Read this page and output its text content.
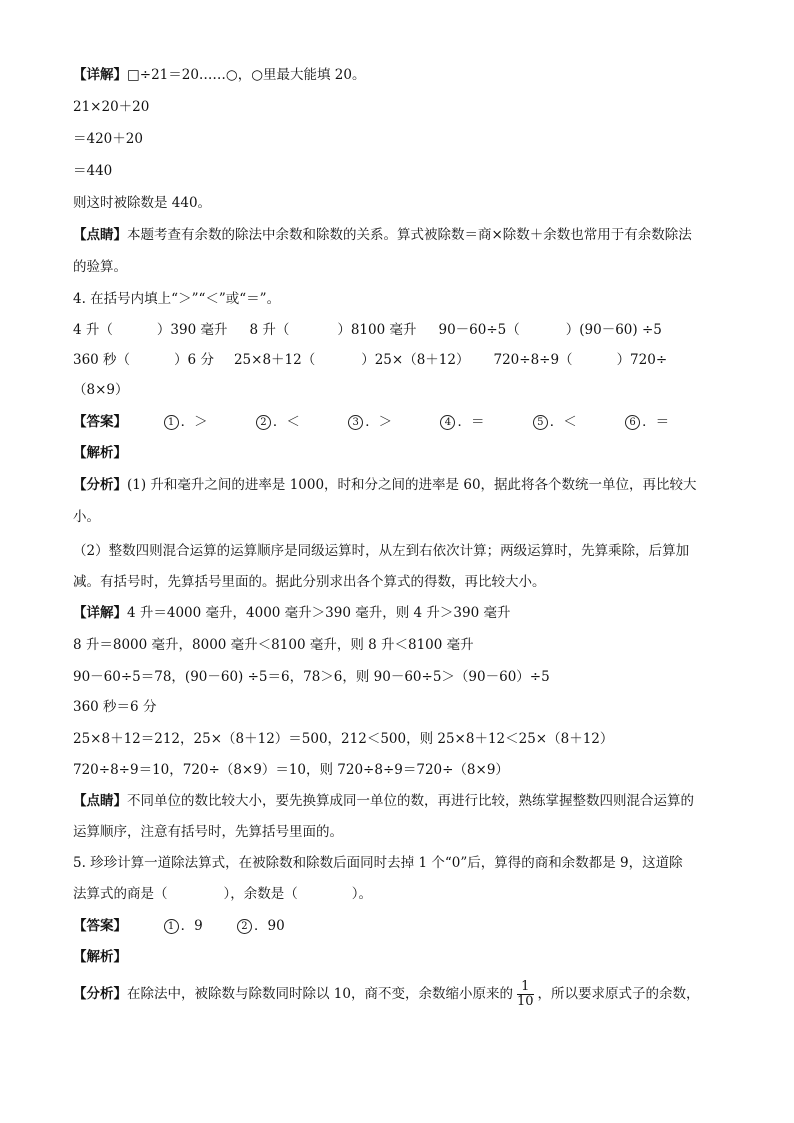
【详解】□÷21＝20……○，○里最大能填 20。
21×20＋20
＝420＋20
＝440
则这时被除数是 440。
【点睛】本题考查有余数的除法中余数和除数的关系。算式被除数＝商×除数＋余数也常用于有余数除法
的验算。
4. 在括号内填上“＞”“＜”或“＝”。
4 升（	）390 毫升 8 升（	）8100 毫升 90－60÷5（	）(90－60) ÷5
360 秒（	）6 分 25×8＋12（	）25×（8＋12） 720÷8÷9（	）720÷
（8×9）
【答案】	1 ．＞	2 ．＜	3 ．＞	4 ．＝	5 ．＜	6 ．＝
【解析】
【分析】(1) 升和毫升之间的进率是 1000，时和分之间的进率是 60，据此将各个数统一单位，再比较大
小。
（2）整数四则混合运算的运算顺序是同级运算时，从左到右依次计算；两级运算时，先算乘除，后算加
减。有括号时，先算括号里面的。据此分别求出各个算式的得数，再比较大小。
【详解】4 升＝4000 毫升，4000 毫升＞390 毫升，则 4 升＞390 毫升
8 升＝8000 毫升，8000 毫升＜8100 毫升，则 8 升＜8100 毫升
90－60÷5＝78，(90－60) ÷5＝6，78＞6，则 90－60÷5＞（90－60）÷5
360 秒＝6 分
25×8＋12＝212，25×（8＋12）＝500，212＜500，则 25×8＋12＜25×（8＋12）
720÷8÷9＝10，720÷（8×9）＝10，则 720÷8÷9＝720÷（8×9）
【点睛】不同单位的数比较大小，要先换算成同一单位的数，再进行比较，熟练掌握整数四则混合运算的
运算顺序，注意有括号时，先算括号里面的。
5. 珍珍计算一道除法算式，在被除数和除数后面同时去掉 1 个“0”后，算得的商和余数都是 9，这道除
法算式的商是（	），余数是（	）。
【答案】	1 ．9	2 ．90
【解析】
【分析】在除法中，被除数与除数同时除以 10，商不变，余数缩小原来的 $\frac{1}{10}$ ，所以要求原式子的余数，
